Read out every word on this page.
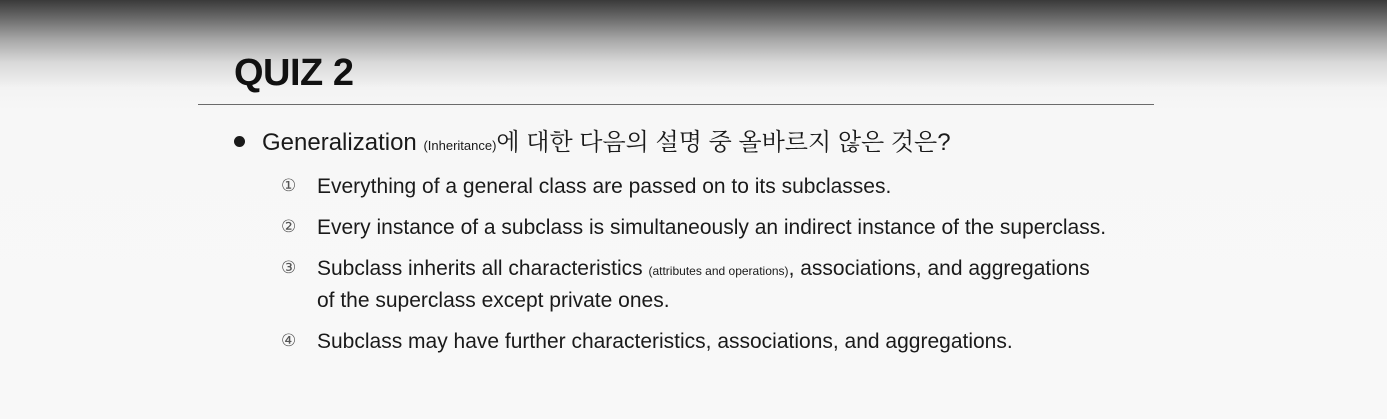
QUIZ 2
Generalization (Inheritance)에 대한 다음의 설명 중 올바르지 않은 것은?
① Everything of a general class are passed on to its subclasses.
② Every instance of a subclass is simultaneously an indirect instance of the superclass.
③ Subclass inherits all characteristics (attributes and operations), associations, and aggregations of the superclass except private ones.
④ Subclass may have further characteristics, associations, and aggregations.
